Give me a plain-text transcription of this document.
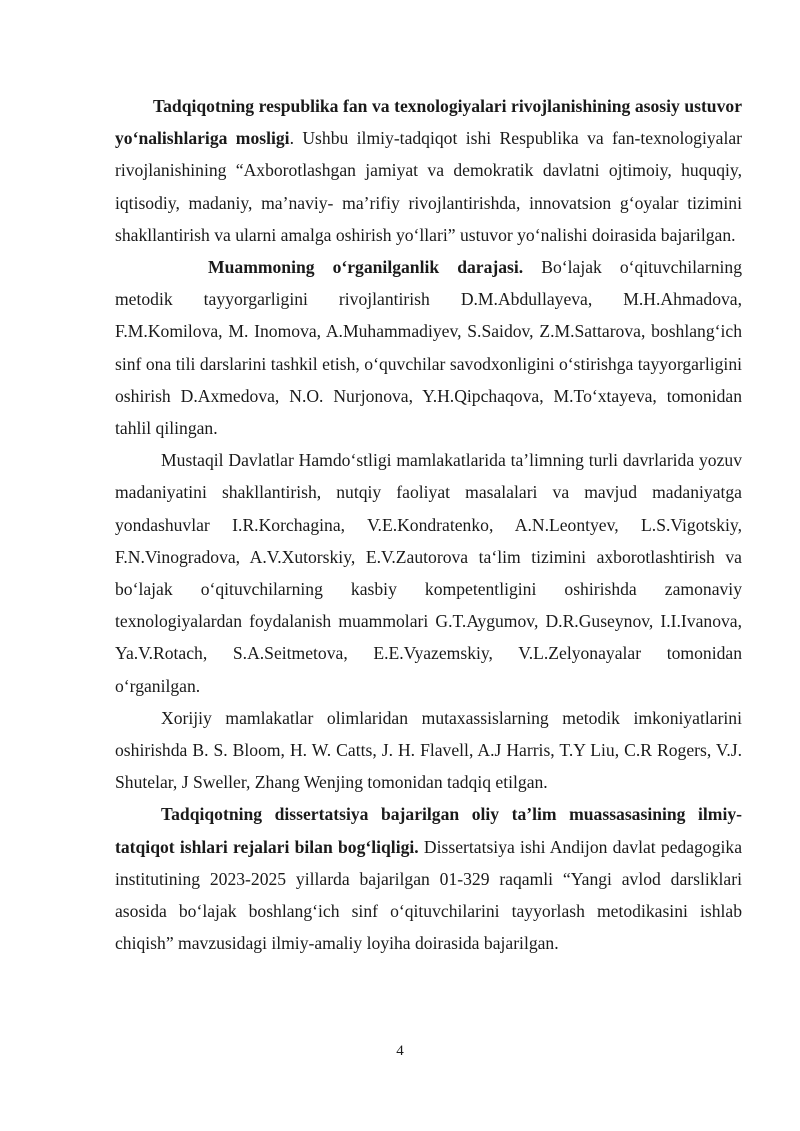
Tadqiqotning respublika fan va texnologiyalari rivojlanishining asosiy ustuvor yo‘nalishlariga mosligi. Ushbu ilmiy-tadqiqot ishi Respublika va fan-texnologiyalar rivojlanishining “Axborotlashgan jamiyat va demokratik davlatni ojtimoiy, huquqiy, iqtisodiy, madaniy, ma’naviy- ma’rifiy rivojlantirishda, innovatsion g‘oyalar tizimini shakllantirish va ularni amalga oshirish yo‘llari” ustuvor yo‘nalishi doirasida bajarilgan.

Muammoning o‘rganilganlik darajasi. Bo‘lajak o‘qituvchilarning metodik tayyorgarligini rivojlantirish D.M.Abdullayeva, M.H.Ahmadova, F.M.Komilova, M. Inomova, A.Muhammadiyev, S.Saidov, Z.M.Sattarova, boshlang‘ich sinf ona tili darslarini tashkil etish, o‘quvchilar savodxonligini o‘stirishga tayyorgarligini oshirish D.Axmedova, N.O. Nurjonova, Y.H.Qipchaqova, M.To‘xtayeva, tomonidan tahlil qilingan.

Mustaqil Davlatlar Hamdo‘stligi mamlakatlarida ta’limning turli davrlarida yozuv madaniyatini shakllantirish, nutqiy faoliyat masalalari va mavjud madaniyatga yondashuvlar I.R.Korchagina, V.E.Kondratenko, A.N.Leontyev, L.S.Vigotskiy, F.N.Vinogradova, A.V.Xutorskiy, E.V.Zautorova ta‘lim tizimini axborotlashtirish va bo‘lajak o‘qituvchilarning kasbiy kompetentligini oshirishda zamonaviy texnologiyalardan foydalanish muammolari G.T.Aygumov, D.R.Guseynov, I.I.Ivanova, Ya.V.Rotach, S.A.Seitmetova, E.E.Vyazemskiy, V.L.Zelyonayalar tomonidan o‘rganilgan.

Xorijiy mamlakatlar olimlaridan mutaxassislarning metodik imkoniyatlarini oshirishda B. S. Bloom, H. W. Catts, J. H. Flavell, A.J Harris, T.Y Liu, C.R Rogers, V.J. Shutelar, J Sweller, Zhang Wenjing tomonidan tadqiq etilgan.

Tadqiqotning dissertatsiya bajarilgan oliy ta’lim muassasasining ilmiy-tatqiqot ishlari rejalari bilan bog‘liqligi. Dissertatsiya ishi Andijon davlat pedagogika institutining 2023-2025 yillarda bajarilgan 01-329 raqamli “Yangi avlod darsliklari asosida bo‘lajak boshlang‘ich sinf o‘qituvchilarini tayyorlash metodikasini ishlab chiqish” mavzusidagi ilmiy-amaliy loyiha doirasida bajarilgan.

4
